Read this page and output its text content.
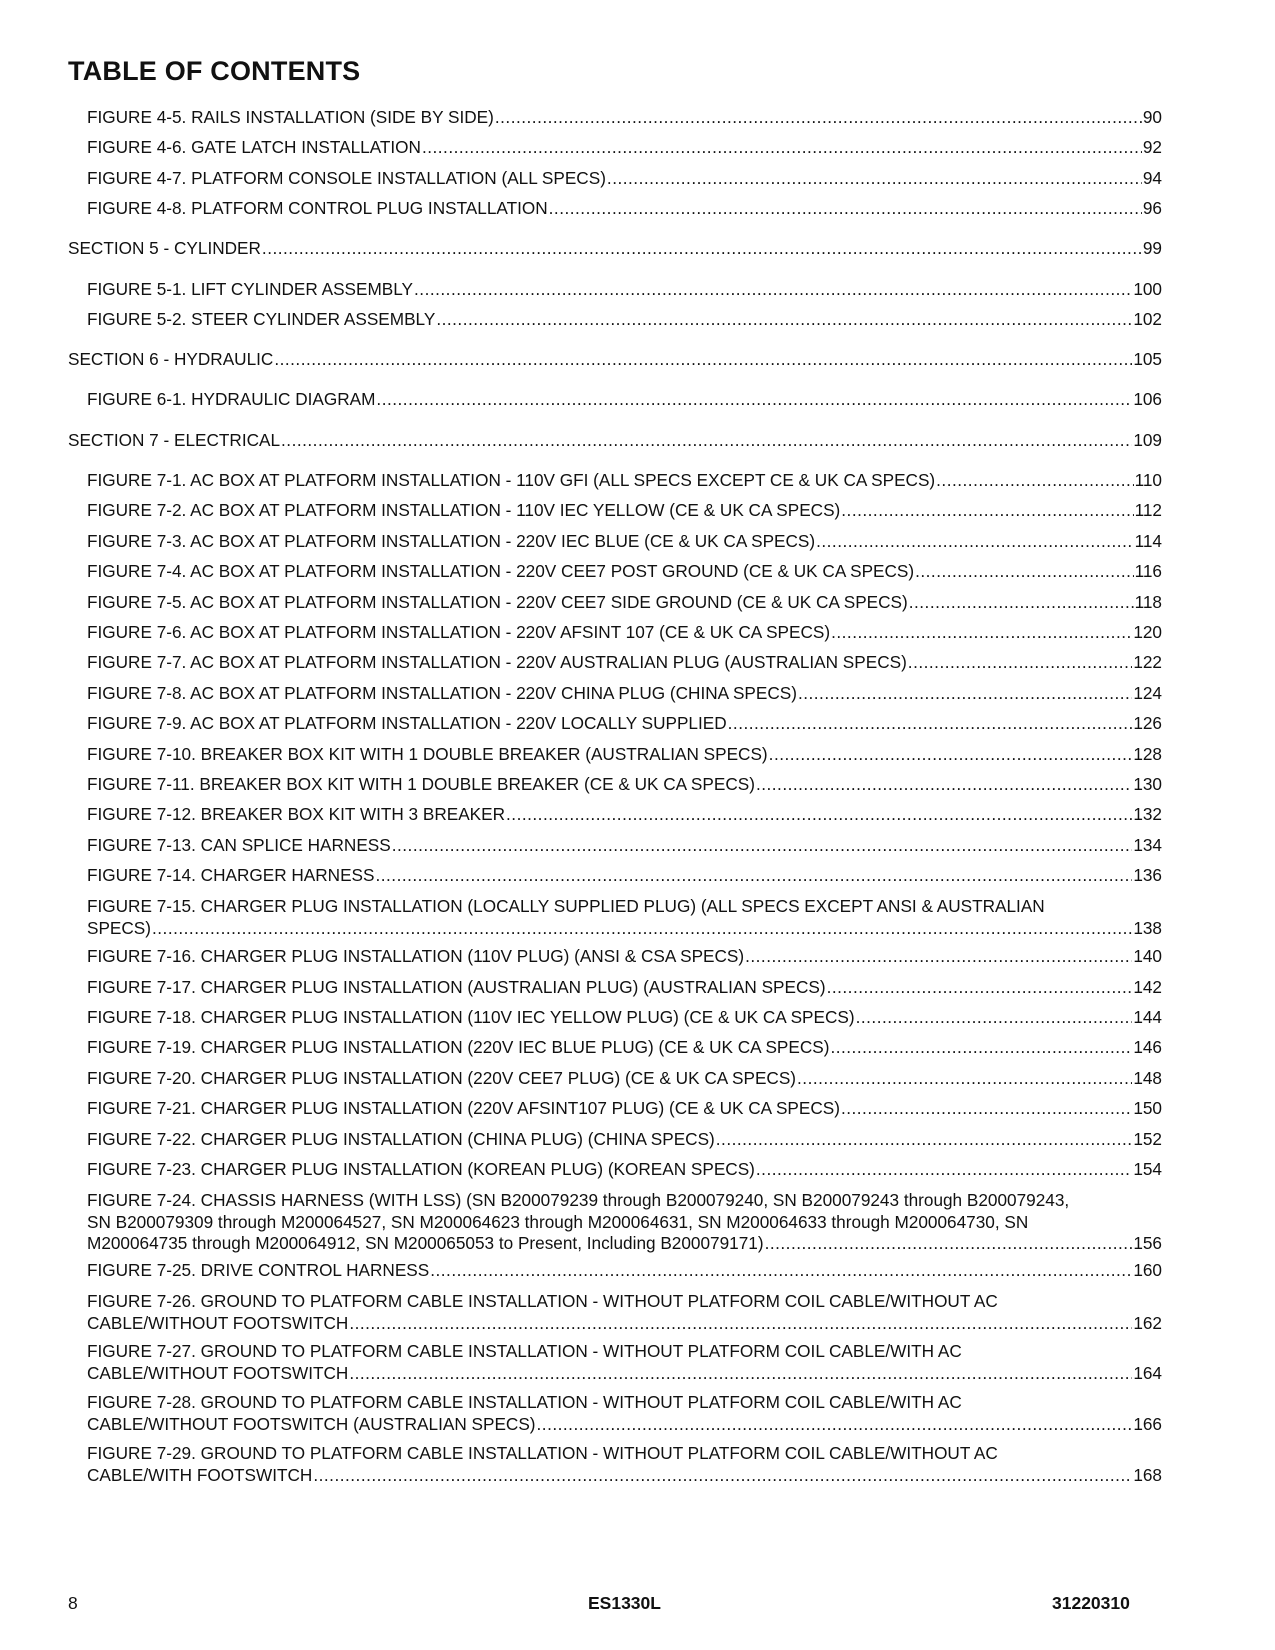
TABLE OF CONTENTS
FIGURE 4-5. RAILS INSTALLATION (SIDE BY SIDE) .....	90
FIGURE 4-6. GATE LATCH INSTALLATION .....	92
FIGURE 4-7. PLATFORM CONSOLE INSTALLATION (ALL SPECS) .....	94
FIGURE 4-8. PLATFORM CONTROL PLUG INSTALLATION .....	96
SECTION 5 - CYLINDER .....	99
FIGURE 5-1. LIFT CYLINDER ASSEMBLY .....	100
FIGURE 5-2. STEER CYLINDER ASSEMBLY .....	102
SECTION 6 - HYDRAULIC .....	105
FIGURE 6-1. HYDRAULIC DIAGRAM .....	106
SECTION 7 - ELECTRICAL .....	109
FIGURE 7-1. AC BOX AT PLATFORM INSTALLATION - 110V GFI (ALL SPECS EXCEPT CE & UK CA SPECS) .....	110
FIGURE 7-2. AC BOX AT PLATFORM INSTALLATION - 110V IEC YELLOW (CE & UK CA SPECS) .....	112
FIGURE 7-3. AC BOX AT PLATFORM INSTALLATION - 220V IEC BLUE (CE & UK CA SPECS) .....	114
FIGURE 7-4. AC BOX AT PLATFORM INSTALLATION - 220V CEE7 POST GROUND (CE & UK CA SPECS) .....	116
FIGURE 7-5. AC BOX AT PLATFORM INSTALLATION - 220V CEE7 SIDE GROUND (CE & UK CA SPECS) .....	118
FIGURE 7-6. AC BOX AT PLATFORM INSTALLATION - 220V AFSINT 107 (CE & UK CA SPECS) .....	120
FIGURE 7-7. AC BOX AT PLATFORM INSTALLATION - 220V AUSTRALIAN PLUG (AUSTRALIAN SPECS) .....	122
FIGURE 7-8. AC BOX AT PLATFORM INSTALLATION - 220V CHINA PLUG (CHINA SPECS) .....	124
FIGURE 7-9. AC BOX AT PLATFORM INSTALLATION - 220V LOCALLY SUPPLIED .....	126
FIGURE 7-10. BREAKER BOX KIT WITH 1 DOUBLE BREAKER (AUSTRALIAN SPECS) .....	128
FIGURE 7-11. BREAKER BOX KIT WITH 1 DOUBLE BREAKER (CE & UK CA SPECS) .....	130
FIGURE 7-12. BREAKER BOX KIT WITH 3 BREAKER .....	132
FIGURE 7-13. CAN SPLICE HARNESS .....	134
FIGURE 7-14. CHARGER HARNESS .....	136
FIGURE 7-15. CHARGER PLUG INSTALLATION (LOCALLY SUPPLIED PLUG) (ALL SPECS EXCEPT ANSI & AUSTRALIAN
SPECS) .....	138
FIGURE 7-16. CHARGER PLUG INSTALLATION (110V PLUG) (ANSI & CSA SPECS) .....	140
FIGURE 7-17. CHARGER PLUG INSTALLATION (AUSTRALIAN PLUG) (AUSTRALIAN SPECS) .....	142
FIGURE 7-18. CHARGER PLUG INSTALLATION (110V IEC YELLOW PLUG) (CE & UK CA SPECS) .....	144
FIGURE 7-19. CHARGER PLUG INSTALLATION (220V IEC BLUE PLUG) (CE & UK CA SPECS) .....	146
FIGURE 7-20. CHARGER PLUG INSTALLATION (220V CEE7 PLUG) (CE & UK CA SPECS) .....	148
FIGURE 7-21. CHARGER PLUG INSTALLATION (220V AFSINT107 PLUG) (CE & UK CA SPECS) .....	150
FIGURE 7-22. CHARGER PLUG INSTALLATION (CHINA PLUG) (CHINA SPECS) .....	152
FIGURE 7-23. CHARGER PLUG INSTALLATION (KOREAN PLUG) (KOREAN SPECS) .....	154
FIGURE 7-24. CHASSIS HARNESS (WITH LSS) (SN B200079239 through B200079240, SN B200079243 through B200079243,
SN B200079309 through M200064527, SN M200064623 through M200064631, SN M200064633 through M200064730, SN
M200064735 through M200064912, SN M200065053 to Present, Including B200079171) .....	156
FIGURE 7-25. DRIVE CONTROL HARNESS .....	160
FIGURE 7-26. GROUND TO PLATFORM CABLE INSTALLATION - WITHOUT PLATFORM COIL CABLE/WITHOUT AC
CABLE/WITHOUT FOOTSWITCH .....	162
FIGURE 7-27. GROUND TO PLATFORM CABLE INSTALLATION - WITHOUT PLATFORM COIL CABLE/WITH AC
CABLE/WITHOUT FOOTSWITCH .....	164
FIGURE 7-28. GROUND TO PLATFORM CABLE INSTALLATION - WITHOUT PLATFORM COIL CABLE/WITH AC
CABLE/WITHOUT FOOTSWITCH (AUSTRALIAN SPECS) .....	166
FIGURE 7-29. GROUND TO PLATFORM CABLE INSTALLATION - WITHOUT PLATFORM COIL CABLE/WITHOUT AC
CABLE/WITH FOOTSWITCH .....	168
8	ES1330L	31220310
